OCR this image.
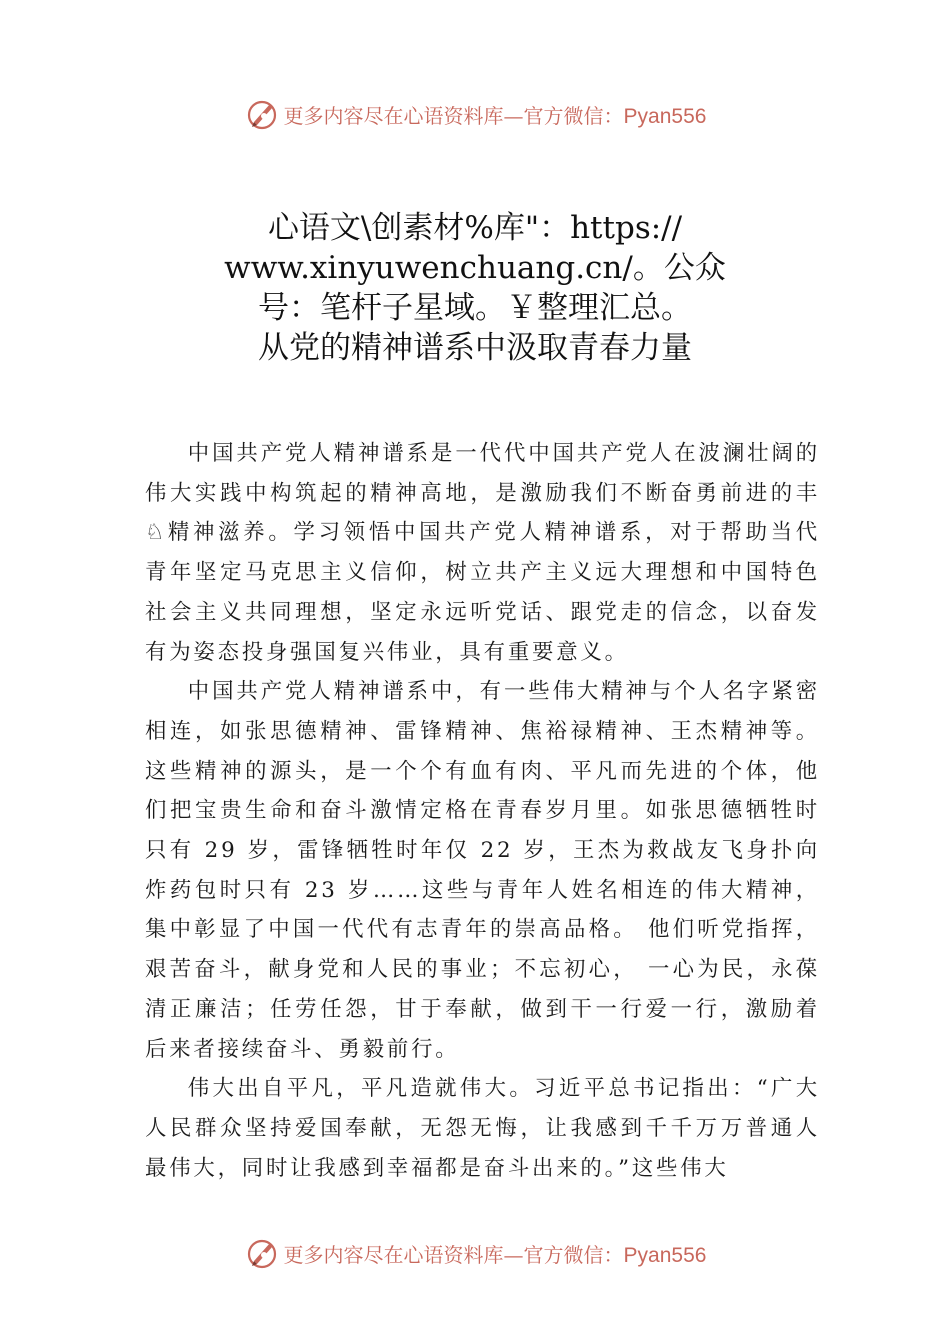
更多内容尽在心语资料库—官方微信：Pyan556
心语文\创素材%库"：https://
www.xinyuwenchuang.cn/。公众
号：笔杆子星域。￥整理汇总。
从党的精神谱系中汲取青春力量

中国共产党人精神谱系是一代代中国共产党人在波澜壮阔的伟大实践中构筑起的精神高地，是激励我们不断奋勇前进的丰♘精神滋养。学习领悟中国共产党人精神谱系，对于帮助当代青年坚定马克思主义信仰，树立共产主义远大理想和中国特色社会主义共同理想，坚定永远听党话、跟党走的信念，以奋发有为姿态投身强国复兴伟业，具有重要意义。

中国共产党人精神谱系中，有一些伟大精神与个人名字紧密相连，如张思德精神、雷锋精神、焦裕禄精神、王杰精神等。这些精神的源头，是一个个有血有肉、平凡而先进的个体，他们把宝贵生命和奋斗激情定格在青春岁月里。如张思德牺牲时只有 29 岁，雷锋牺牲时年仅 22 岁，王杰为救战友飞身扑向炸药包时只有 23 岁……这些与青年人姓名相连的伟大精神，集中彰显了中国一代代有志青年的崇高品格。 他们听党指挥，艰苦奋斗，献身党和人民的事业；不忘初心， 一心为民，永葆清正廉洁；任劳任怨，甘于奉献，做到干一行爱一行，激励着后来者接续奋斗、勇毅前行。

伟大出自平凡，平凡造就伟大。习近平总书记指出：“广大人民群众坚持爱国奉献，无怨无悔，让我感到千千万万普通人最伟大，同时让我感到幸福都是奋斗出来的。”这些伟大

更多内容尽在心语资料库—官方微信：Pyan556
